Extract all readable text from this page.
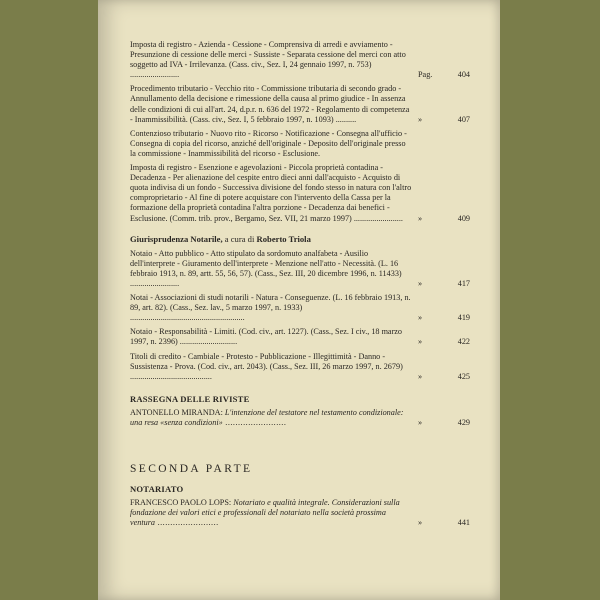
Imposta di registro - Azienda - Cessione - Comprensiva di arredi e avviamento - Presunzione di cessione delle merci - Sussiste - Separata cessione del merci con atto soggetto ad IVA - Irrilevanza. (Cass. civ., Sez. I, 24 gennaio 1997, n. 753) ........................	Pag.	404
Procedimento tributario - Vecchio rito - Commissione tributaria di secondo grado - Annullamento della decisione e rimessione della causa al primo giudice - In assenza delle condizioni di cui all'art. 24, d.p.r. n. 636 del 1972 - Regolamento di competenza - Inammissibilità. (Cass. civ., Sez. I, 5 febbraio 1997, n. 1093) ..........	»	407
Contenzioso tributario - Nuovo rito - Ricorso - Notificazione - Consegna all'ufficio - Consegna di copia del ricorso, anziché dell'originale - Deposito dell'originale presso la commissione - Inammissibilità del ricorso - Esclusione.
Imposta di registro - Esenzione e agevolazioni - Piccola proprietà contadina - Decadenza - Per alienazione del cespite entro dieci anni dall'acquisto - Acquisto di quota indivisa di un fondo - Successiva divisione del fondo stesso in natura con l'altro comproprietario - Al fine di potere acquistare con l'intervento della Cassa per la formazione della proprietà contadina l'altra porzione - Decadenza dai benefici - Esclusione. (Comm. trib. prov., Bergamo, Sez. VII, 21 marzo 1997) ........................	»	409
Giurisprudenza Notarile, a cura di Roberto Triola
Notaio - Atto pubblico - Atto stipulato da sordomuto analfabeta - Ausilio dell'interprete - Giuramento dell'interprete - Menzione nell'atto - Necessità. (L. 16 febbraio 1913, n. 89, artt. 55, 56, 57). (Cass., Sez. III, 20 dicembre 1996, n. 11433) ........................	»	417
Notai - Associazioni di studi notarili - Natura - Conseguenze. (L. 16 febbraio 1913, n. 89, art. 82). (Cass., Sez. lav., 5 marzo 1997, n. 1933) ........................................................	»	419
Notaio - Responsabilità - Limiti. (Cod. civ., art. 1227). (Cass., Sez. I civ., 18 marzo 1997, n. 2396) ............................	»	422
Titoli di credito - Cambiale - Protesto - Pubblicazione - Illegittimità - Danno - Sussistenza - Prova. (Cod. civ., art. 2043). (Cass., Sez. III, 26 marzo 1997, n. 2679) ........................................	»	425
RASSEGNA DELLE RIVISTE
ANTONELLO MIRANDA: L'intenzione del testatore nel testamento condizionale: una resa «senza condizioni» ........................	»	429
SECONDA PARTE
NOTARIATO
FRANCESCO PAOLO LOPS: Notariato e qualità integrale. Considerazioni sulla fondazione dei valori etici e professionali del notariato nella società prossima ventura ........................	»	441
